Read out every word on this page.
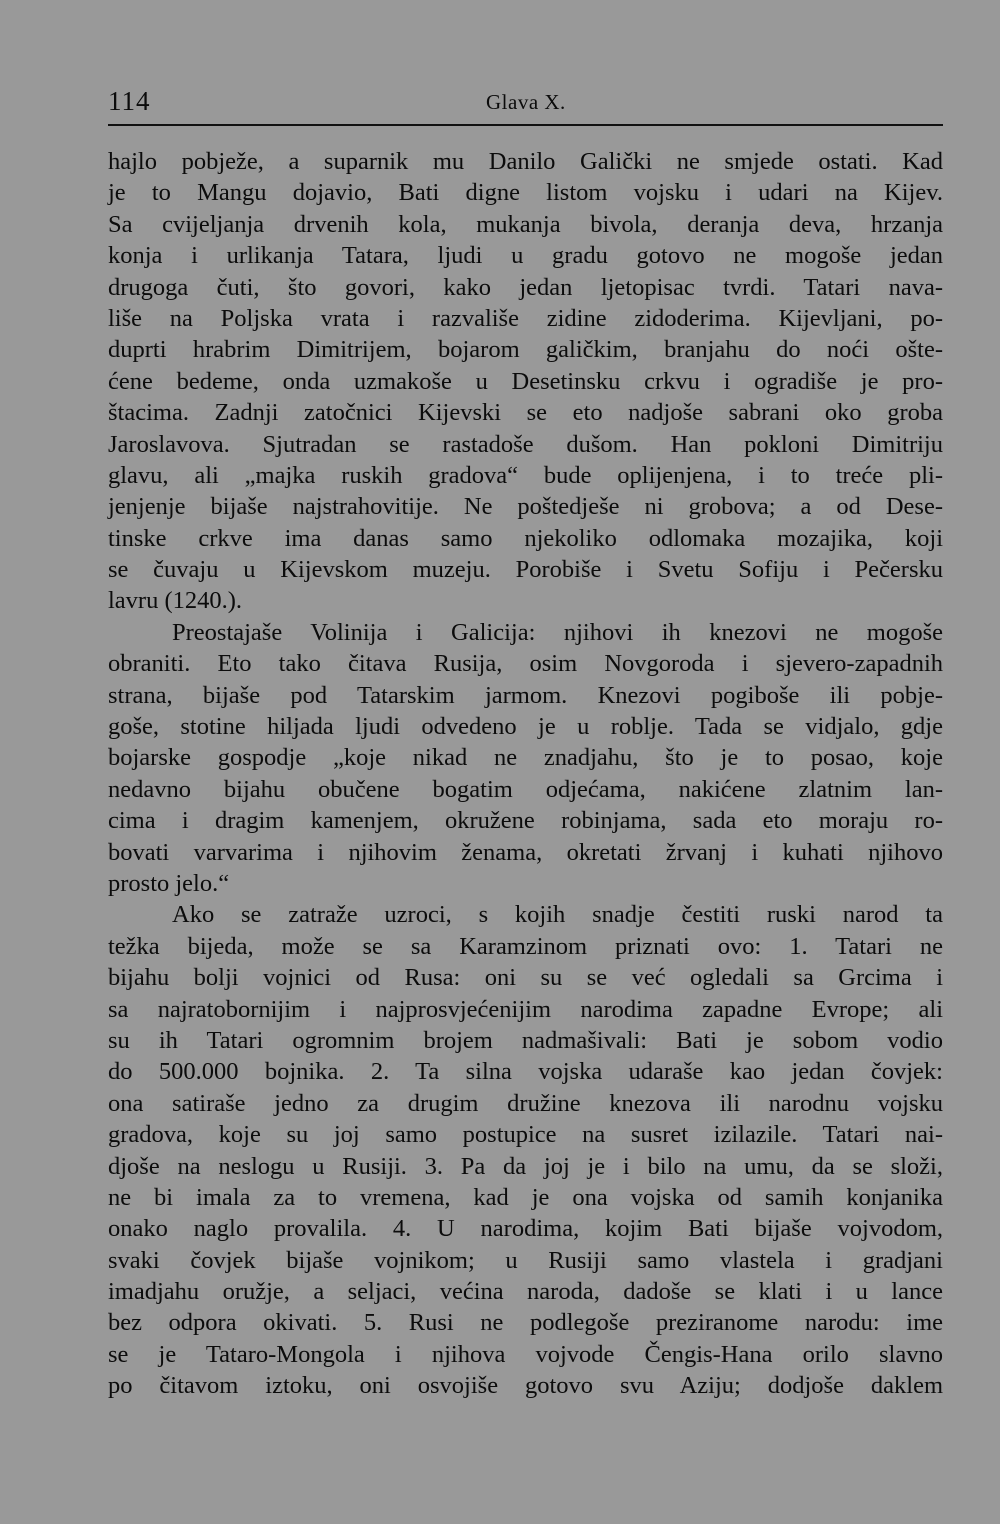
114	Glava X.
hajlo pobježe, a suparnik mu Danilo Galički ne smjede ostati. Kad
je to Mangu dojavio, Bati digne listom vojsku i udari na Kijev.
Sa cvijeljanja drvenih kola, mukanja bivola, deranja deva, hrzanja
konja i urlikanja Tatara, ljudi u gradu gotovo ne mogoše jedan
drugoga čuti, što govori, kako jedan ljetopisac tvrdi. Tatari nava-
liše na Poljska vrata i razvališe zidine zidoderima. Kijevljani, po-
duprti hrabrim Dimitrijem, bojarom galičkim, branjahu do noći ošte-
ćene bedeme, onda uzmakoše u Desetinsku crkvu i ogradiše je pro-
štacima. Zadnji zatočnici Kijevski se eto nadjoše sabrani oko groba
Jaroslavova. Sjutradan se rastadoše dušom. Han pokloni Dimitriju
glavu, ali „majka ruskih gradova“ bude oplijenjena, i to treće pli-
jenjenje bijaše najstrahovitije. Ne poštedješe ni grobova; a od Dese-
tinske crkve ima danas samo njekoliko odlomaka mozajika, koji
se čuvaju u Kijevskom muzeju. Porobiše i Svetu Sofiju i Pečersku
lavru (1240.).
Preostajaše Volinija i Galicija: njihovi ih knezovi ne mogoše
obraniti. Eto tako čitava Rusija, osim Novgoroda i sjevero-zapadnih
strana, bijaše pod Tatarskim jarmom. Knezovi pogiboše ili pobje-
goše, stotine hiljada ljudi odvedeno je u roblje. Tada se vidjalo, gdje
bojarske gospodje „koje nikad ne znadjahu, što je to posao, koje
nedavno bijahu obučene bogatim odjećama, nakićene zlatnim lan-
cima i dragim kamenjem, okružene robinjama, sada eto moraju ro-
bovati varvarima i njihovim ženama, okretati žrvanj i kuhati njihovo
prosto jelo.“
Ako se zatraže uzroci, s kojih snadje čestiti ruski narod ta
težka bijeda, može se sa Karamzinom priznati ovo: 1. Tatari ne
bijahu bolji vojnici od Rusa: oni su se već ogledali sa Grcima i
sa najratobornijim i najprosvjećenijim narodima zapadne Evrope; ali
su ih Tatari ogromnim brojem nadmašivali: Bati je sobom vodio
do 500.000 bojnika. 2. Ta silna vojska udaraše kao jedan čovjek:
ona satiraše jedno za drugim družine knezova ili narodnu vojsku
gradova, koje su joj samo postupice na susret izilazile. Tatari nai-
djoše na neslogu u Rusiji. 3. Pa da joj je i bilo na umu, da se složi,
ne bi imala za to vremena, kad je ona vojska od samih konjanika
onako naglo provalila. 4. U narodima, kojim Bati bijaše vojvodom,
svaki čovjek bijaše vojnikom; u Rusiji samo vlastela i gradjani
imadjahu oružje, a seljaci, većina naroda, dadoše se klati i u lance
bez odpora okivati. 5. Rusi ne podlegoše preziranome narodu: ime
se je Tataro-Mongola i njihova vojvode Čengis-Hana orilo slavno
po čitavom iztoku, oni osvojiše gotovo svu Aziju; dodjoše daklem
